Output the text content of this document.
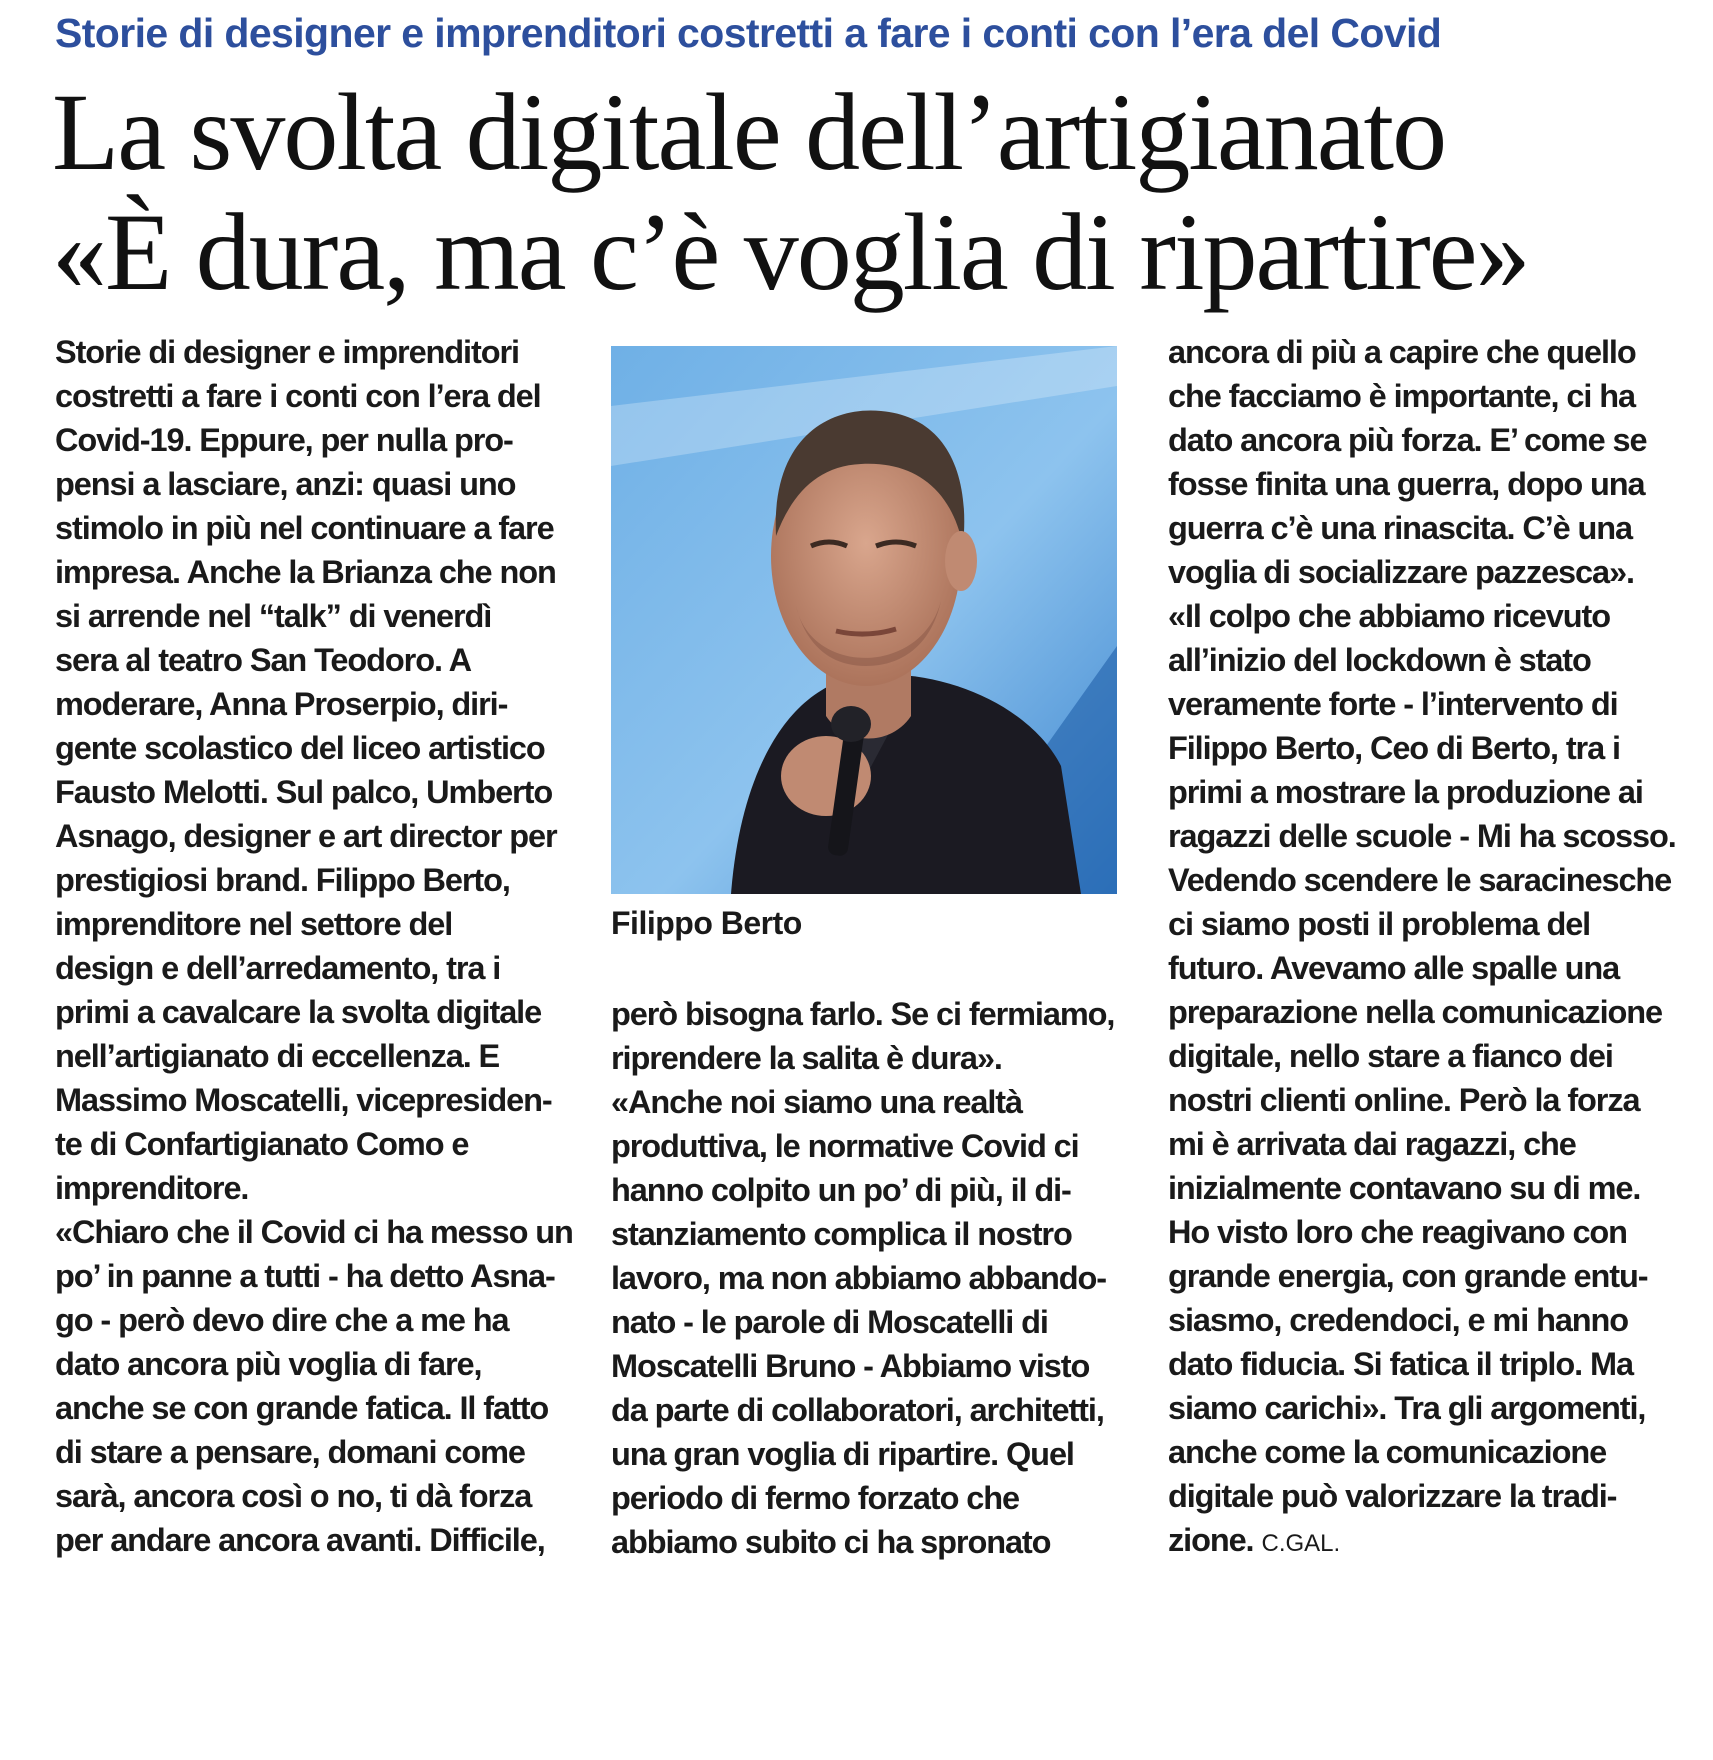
Storie di designer e imprenditori costretti a fare i conti con l’era del Covid
La svolta digitale dell’artigianato
«È dura, ma c’è voglia di ripartire»
Storie di designer e imprenditori
costretti a fare i conti con l’era del
Covid-19. Eppure, per nulla pro-
pensi a lasciare, anzi: quasi uno
stimolo in più nel continuare a fare
impresa. Anche la Brianza che non
si arrende nel “talk” di venerdì
sera al teatro San Teodoro. A
moderare, Anna Proserpio, diri-
gente scolastico del liceo artistico
Fausto Melotti. Sul palco, Umberto
Asnago, designer e art director per
prestigiosi brand. Filippo Berto,
imprenditore nel settore del
design e dell’arredamento, tra i
primi a cavalcare la svolta digitale
nell’artigianato di eccellenza. E
Massimo Moscatelli, vicepresiden-
te di Confartigianato Como e
imprenditore.
«Chiaro che il Covid ci ha messo un
po’ in panne a tutti - ha detto Asna-
go - però devo dire che a me ha
dato ancora più voglia di fare,
anche se con grande fatica. Il fatto
di stare a pensare, domani come
sarà, ancora così o no, ti dà forza
per andare ancora avanti. Difficile,
Filippo Berto
però bisogna farlo. Se ci fermiamo,
riprendere la salita è dura».
«Anche noi siamo una realtà
produttiva, le normative Covid ci
hanno colpito un po’ di più, il di-
stanziamento complica il nostro
lavoro, ma non abbiamo abbando-
nato - le parole di Moscatelli di
Moscatelli Bruno - Abbiamo visto
da parte di collaboratori, architetti,
una gran voglia di ripartire. Quel
periodo di fermo forzato che
abbiamo subito ci ha spronato
ancora di più a capire che quello
che facciamo è importante, ci ha
dato ancora più forza. E’ come se
fosse finita una guerra, dopo una
guerra c’è una rinascita. C’è una
voglia di socializzare pazzesca».
«Il colpo che abbiamo ricevuto
all’inizio del lockdown è stato
veramente forte - l’intervento di
Filippo Berto, Ceo di Berto, tra i
primi a mostrare la produzione ai
ragazzi delle scuole - Mi ha scosso.
Vedendo scendere le saracinesche
ci siamo posti il problema del
futuro. Avevamo alle spalle una
preparazione nella comunicazione
digitale, nello stare a fianco dei
nostri clienti online. Però la forza
mi è arrivata dai ragazzi, che
inizialmente contavano su di me.
Ho visto loro che reagivano con
grande energia, con grande entu-
siasmo, credendoci, e mi hanno
dato fiducia. Si fatica il triplo. Ma
siamo carichi». Tra gli argomenti,
anche come la comunicazione
digitale può valorizzare la tradi-
zione. C.GAL.
